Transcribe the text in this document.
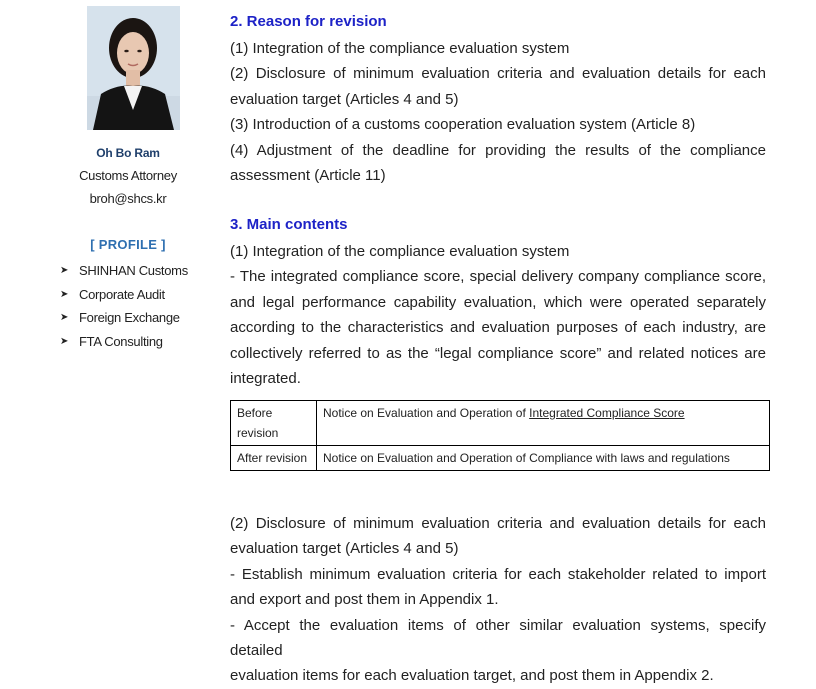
Oh Bo Ram
Customs Attorney
broh@shcs.kr
[ PROFILE ]
➤ SHINHAN Customs
➤ Corporate Audit
➤ Foreign Exchange
➤ FTA Consulting
2. Reason for revision
(1) Integration of the compliance evaluation system
(2) Disclosure of minimum evaluation criteria and evaluation details for each
evaluation target (Articles 4 and 5)
(3) Introduction of a customs cooperation evaluation system (Article 8)
(4) Adjustment of the deadline for providing the results of the compliance
assessment (Article 11)
3. Main contents
(1) Integration of the compliance evaluation system
- The integrated compliance score, special delivery company compliance score,
and legal performance capability evaluation, which were operated separately
according to the characteristics and evaluation purposes of each industry, are
collectively referred to as the “legal compliance score” and related notices are
integrated.
Before revision	Notice on Evaluation and Operation of Integrated Compliance Score
After revision	Notice on Evaluation and Operation of Compliance with laws and regulations
(2) Disclosure of minimum evaluation criteria and evaluation details for each
evaluation target (Articles 4 and 5)
- Establish minimum evaluation criteria for each stakeholder related to import
and export and post them in Appendix 1.
- Accept the evaluation items of other similar evaluation systems, specify detailed
evaluation items for each evaluation target, and post them in Appendix 2.
